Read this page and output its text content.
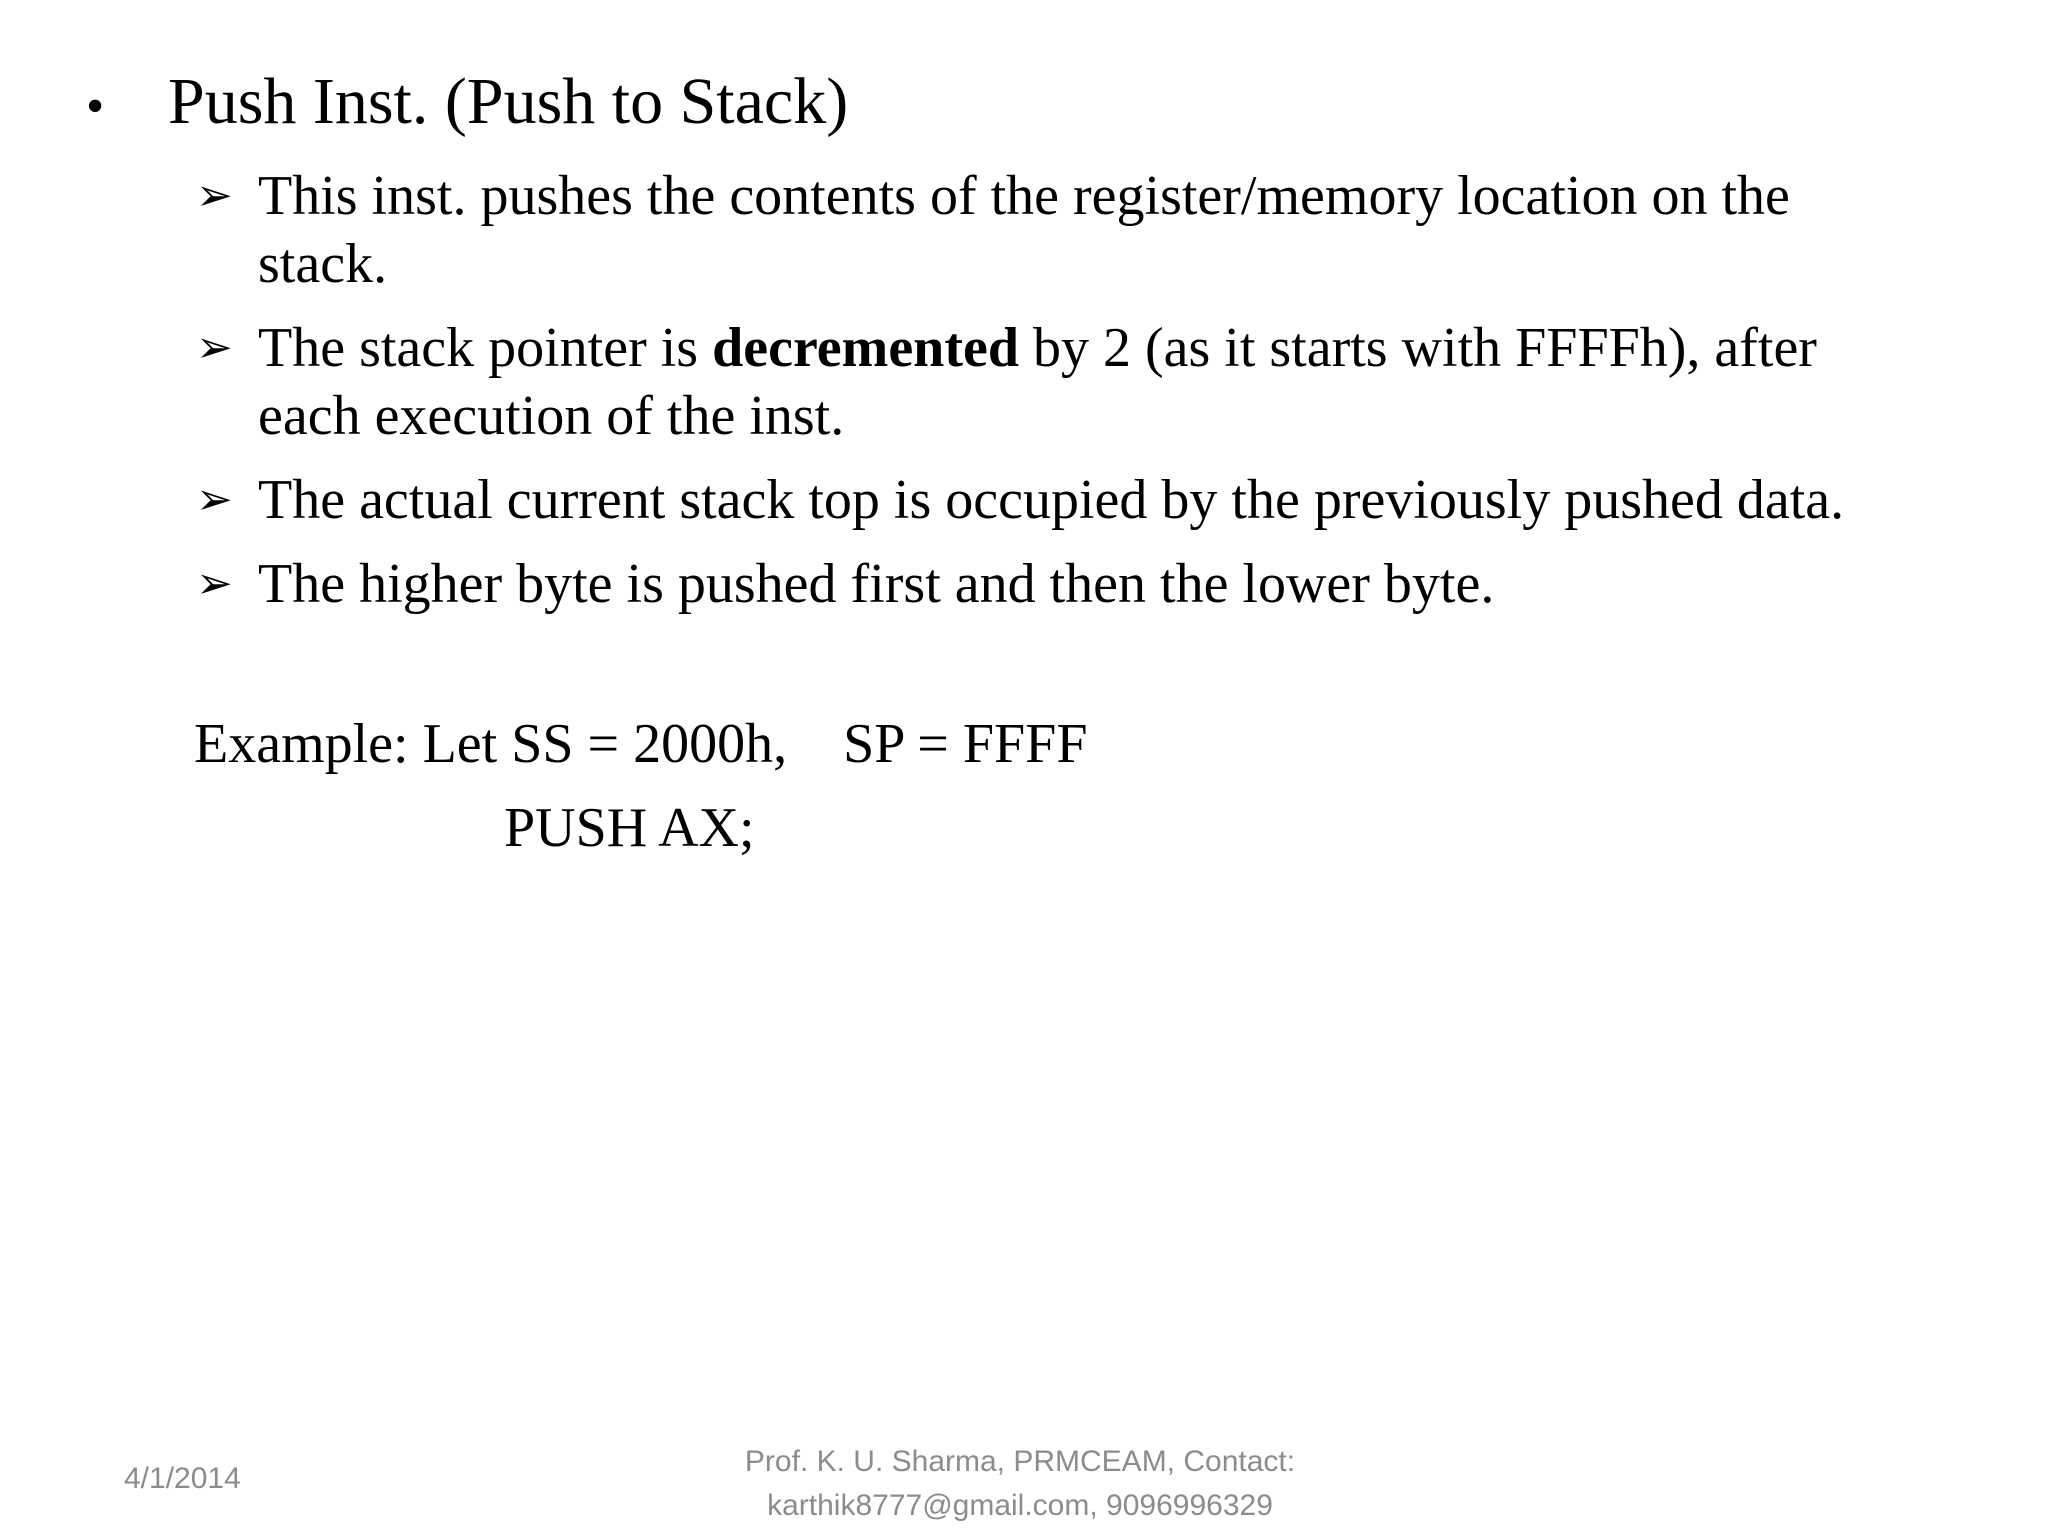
• Push Inst. (Push to Stack)
➢ This inst. pushes the contents of the register/memory location on the stack.
➢ The stack pointer is decremented by 2 (as it starts with FFFFh), after each execution of the inst.
➢ The actual current stack top is occupied by the previously pushed data.
➢ The higher byte is pushed first and then the lower byte.
Example: Let SS = 2000h,    SP = FFFF
PUSH AX;
4/1/2014
Prof. K. U. Sharma, PRMCEAM, Contact:
karthik8777@gmail.com, 9096996329
